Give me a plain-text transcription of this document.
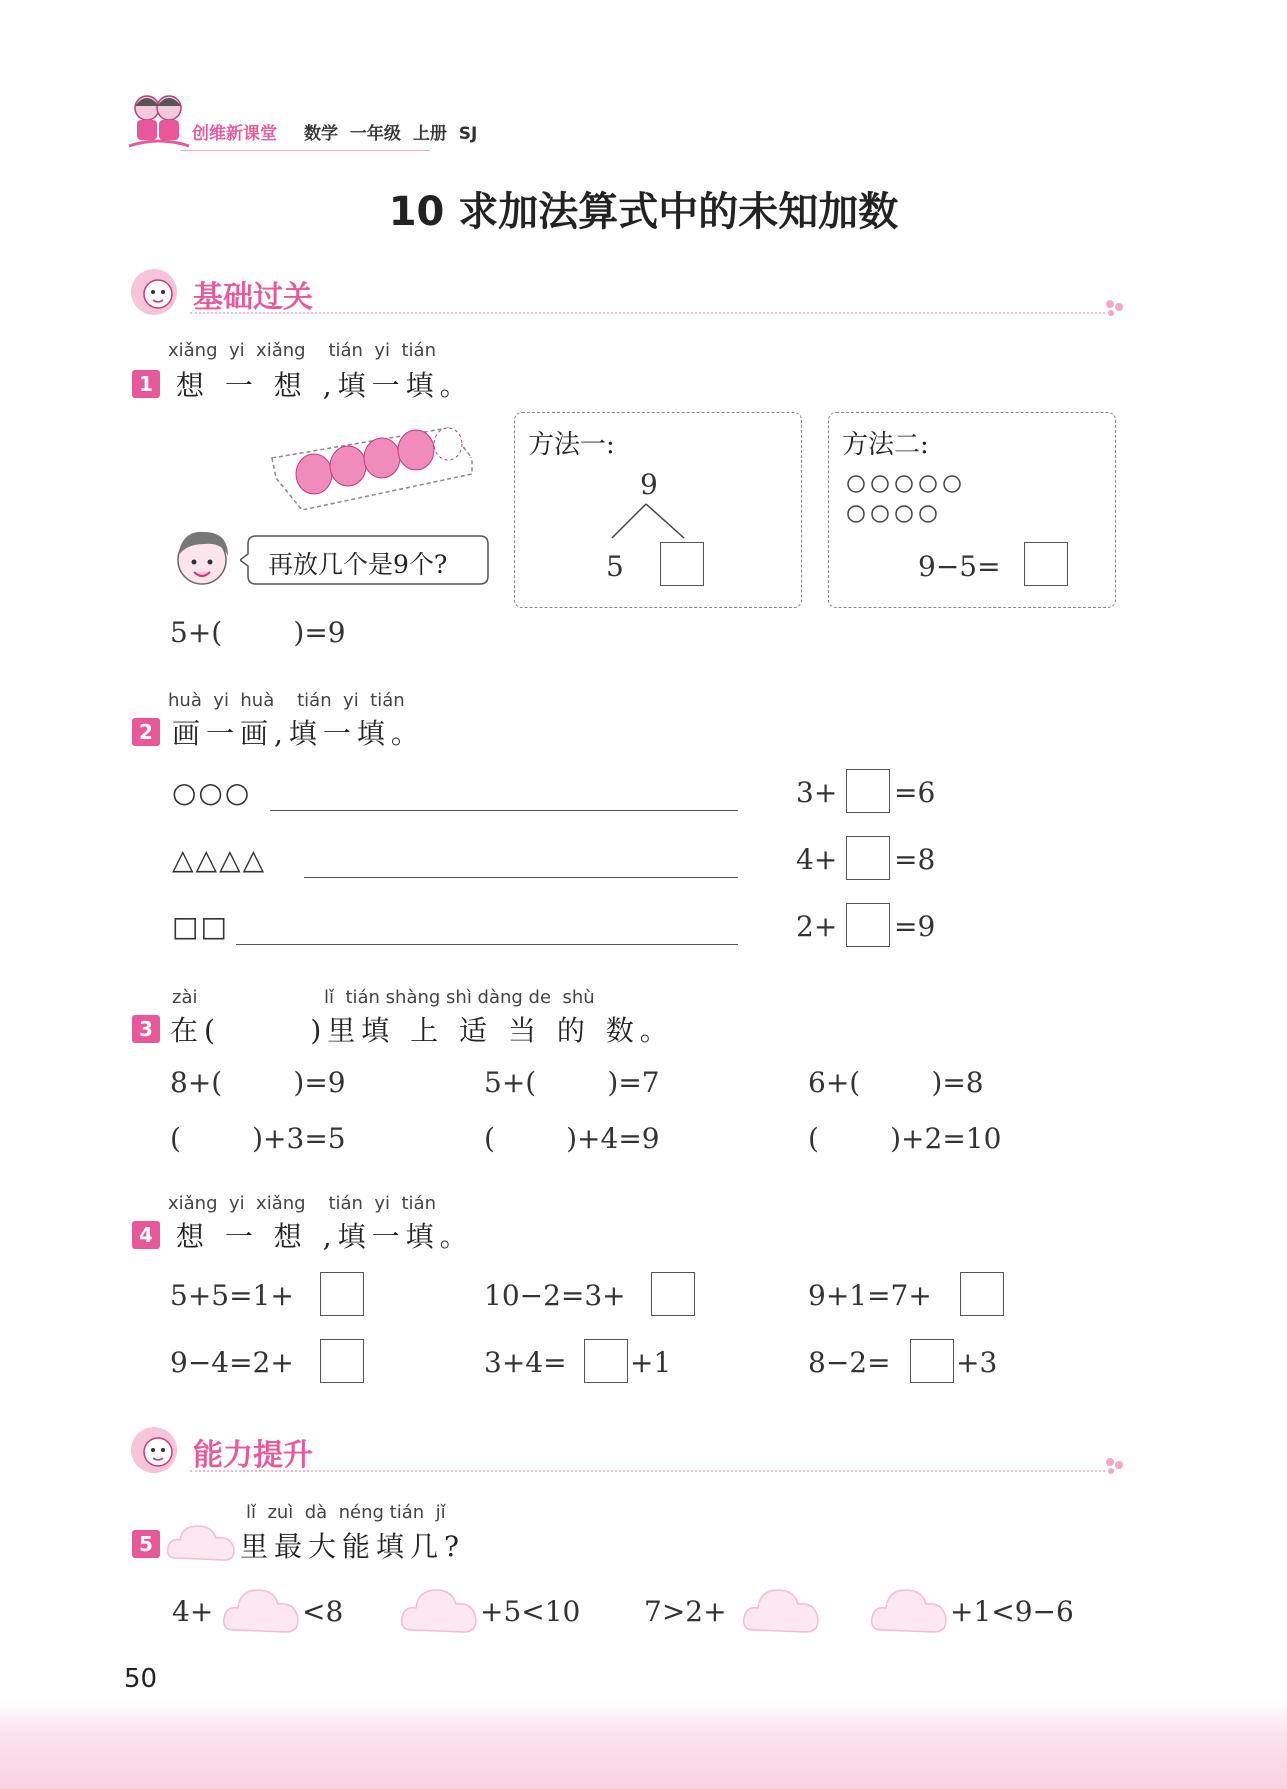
创维新课堂 数学 一年级 上册 SJ
10 求加法算式中的未知加数
基础过关
xiǎng  yi  xiǎng    tián  yi  tián
1 想 一 想 ,填一填。
再放几个是9个?
5+(        )=9
方法一:
9
5
方法二:
9−5=
huà  yi  huà    tián  yi  tián
2 画一画,填一填。
○○○	3+ =6
△△△△	4+ =8
□□	2+ =9
zài	lǐ  tián shàng shì dàng de  shù
3 在(      )里填 上 适 当 的 数。
8+(        )=9	5+(        )=7	6+(        )=8
(        )+3=5	(        )+4=9	(        )+2=10
xiǎng  yi  xiǎng    tián  yi  tián
4 想 一 想 ,填一填。
5+5=1+	10−2=3+	9+1=7+
9−4=2+	3+4= +1	8−2= +3
能力提升
lǐ  zuì  dà  néng tián  jǐ
5	里最大能填几?
4+	<8	+5<10 7>2+	+1<9−6
50
